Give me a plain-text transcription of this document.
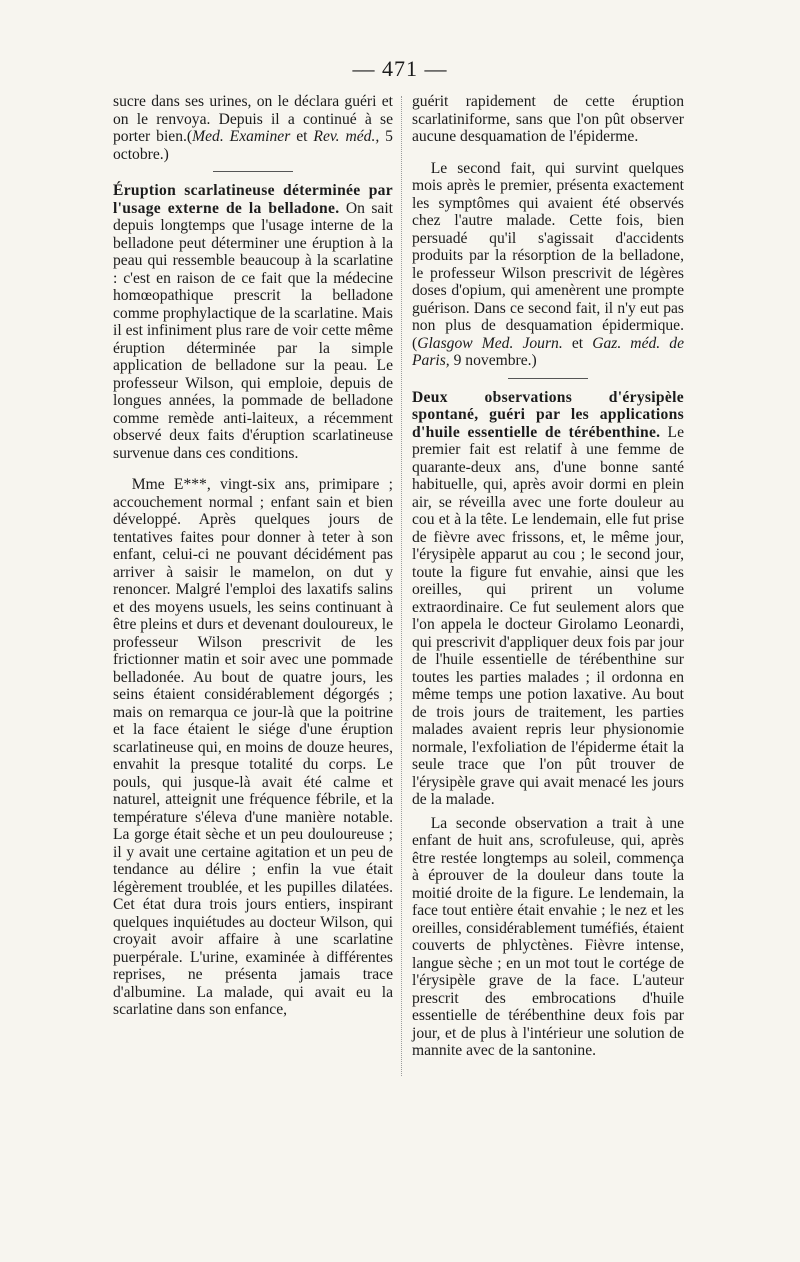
— 471 —

sucre dans ses urines, on le déclara guéri et on le renvoya. Depuis il a continué à se porter bien.(Med. Examiner et Rev. méd., 5 octobre.)

Éruption scarlatineuse déterminée par l'usage externe de la belladone. On sait depuis longtemps que l'usage interne de la belladone peut déterminer une éruption à la peau qui ressemble beaucoup à la scarlatine : c'est en raison de ce fait que la médecine homœopathique prescrit la belladone comme prophylactique de la scarlatine. Mais il est infiniment plus rare de voir cette même éruption déterminée par la simple application de belladone sur la peau. Le professeur Wilson, qui emploie, depuis de longues années, la pommade de belladone comme remède anti-laiteux, a récemment observé deux faits d'éruption scarlatineuse survenue dans ces conditions.

Mme E***, vingt-six ans, primipare ; accouchement normal ; enfant sain et bien développé. Après quelques jours de tentatives faites pour donner à teter à son enfant, celui-ci ne pouvant décidément pas arriver à saisir le mamelon, on dut y renoncer. Malgré l'emploi des laxatifs salins et des moyens usuels, les seins continuant à être pleins et durs et devenant douloureux, le professeur Wilson prescrivit de les frictionner matin et soir avec une pommade belladonée. Au bout de quatre jours, les seins étaient considérablement dégorgés ; mais on remarqua ce jour-là que la poitrine et la face étaient le siége d'une éruption scarlatineuse qui, en moins de douze heures, envahit la presque totalité du corps. Le pouls, qui jusque-là avait été calme et naturel, atteignit une fréquence fébrile, et la température s'éleva d'une manière notable. La gorge était sèche et un peu douloureuse ; il y avait une certaine agitation et un peu de tendance au délire ; enfin la vue était légèrement troublée, et les pupilles dilatées. Cet état dura trois jours entiers, inspirant quelques inquiétudes au docteur Wilson, qui croyait avoir affaire à une scarlatine puerpérale. L'urine, examinée à différentes reprises, ne présenta jamais trace d'albumine. La malade, qui avait eu la scarlatine dans son enfance,

guérit rapidement de cette éruption scarlatiniforme, sans que l'on pût observer aucune desquamation de l'épiderme.

Le second fait, qui survint quelques mois après le premier, présenta exactement les symptômes qui avaient été observés chez l'autre malade. Cette fois, bien persuadé qu'il s'agissait d'accidents produits par la résorption de la belladone, le professeur Wilson prescrivit de légères doses d'opium, qui amenèrent une prompte guérison. Dans ce second fait, il n'y eut pas non plus de desquamation épidermique.(Glasgow Med. Journ. et Gaz. méd. de Paris, 9 novembre.)

Deux observations d'érysipèle spontané, guéri par les applications d'huile essentielle de térébenthine. Le premier fait est relatif à une femme de quarante-deux ans, d'une bonne santé habituelle, qui, après avoir dormi en plein air, se réveilla avec une forte douleur au cou et à la tête. Le lendemain, elle fut prise de fièvre avec frissons, et, le même jour, l'érysipèle apparut au cou ; le second jour, toute la figure fut envahie, ainsi que les oreilles, qui prirent un volume extraordinaire. Ce fut seulement alors que l'on appela le docteur Girolamo Leonardi, qui prescrivit d'appliquer deux fois par jour de l'huile essentielle de térébenthine sur toutes les parties malades ; il ordonna en même temps une potion laxative. Au bout de trois jours de traitement, les parties malades avaient repris leur physionomie normale, l'exfoliation de l'épiderme était la seule trace que l'on pût trouver de l'érysipèle grave qui avait menacé les jours de la malade.

La seconde observation a trait à une enfant de huit ans, scrofuleuse, qui, après être restée longtemps au soleil, commença à éprouver de la douleur dans toute la moitié droite de la figure. Le lendemain, la face tout entière était envahie ; le nez et les oreilles, considérablement tuméfiés, étaient couverts de phlyctènes. Fièvre intense, langue sèche ; en un mot tout le cortége de l'érysipèle grave de la face. L'auteur prescrit des embrocations d'huile essentielle de térébenthine deux fois par jour, et de plus à l'intérieur une solution de mannite avec de la santonine.
